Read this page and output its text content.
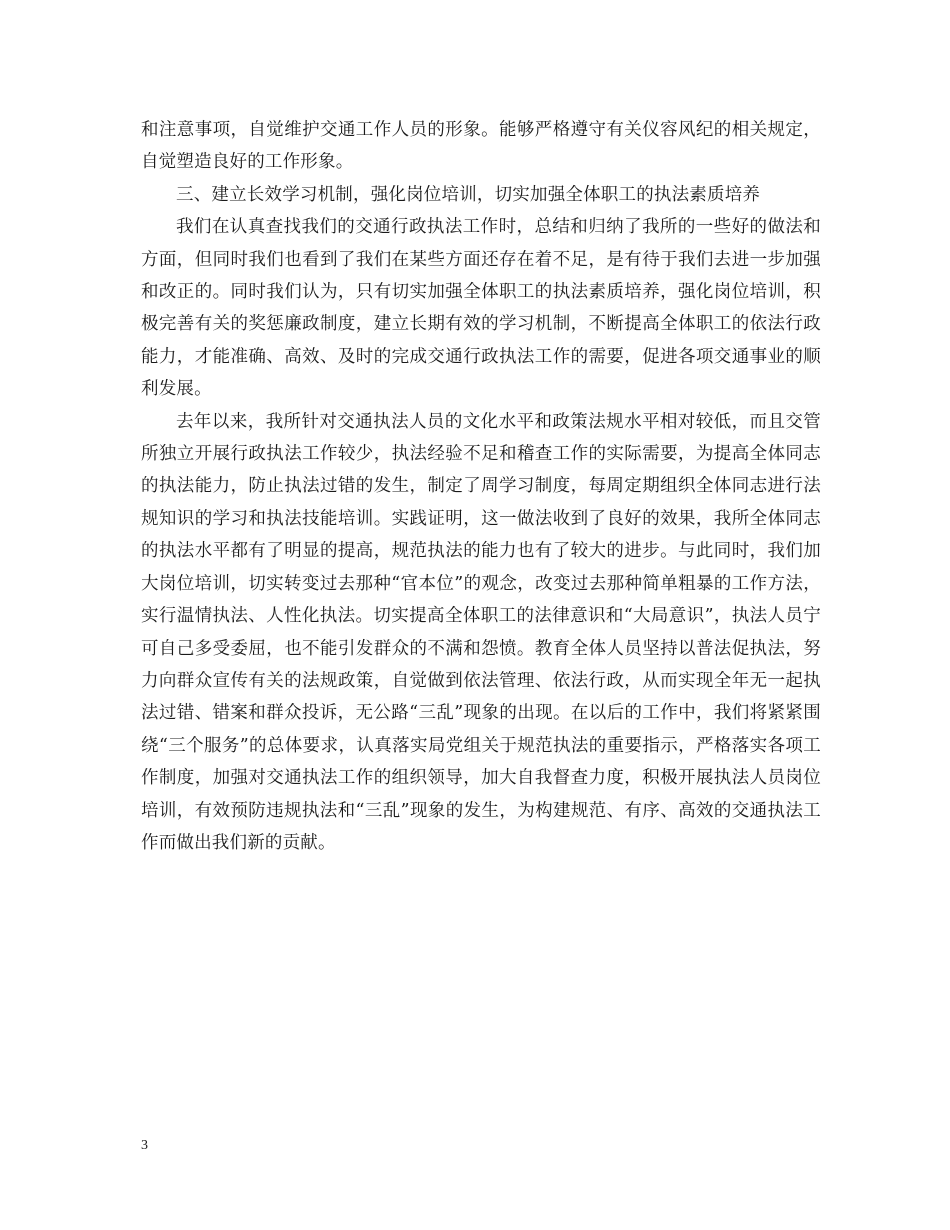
和注意事项，自觉维护交通工作人员的形象。能够严格遵守有关仪容风纪的相关规定，自觉塑造良好的工作形象。

三、建立长效学习机制，强化岗位培训，切实加强全体职工的执法素质培养

我们在认真查找我们的交通行政执法工作时，总结和归纳了我所的一些好的做法和方面，但同时我们也看到了我们在某些方面还存在着不足，是有待于我们去进一步加强和改正的。同时我们认为，只有切实加强全体职工的执法素质培养，强化岗位培训，积极完善有关的奖惩廉政制度，建立长期有效的学习机制，不断提高全体职工的依法行政能力，才能准确、高效、及时的完成交通行政执法工作的需要，促进各项交通事业的顺利发展。

去年以来，我所针对交通执法人员的文化水平和政策法规水平相对较低，而且交管所独立开展行政执法工作较少，执法经验不足和稽查工作的实际需要，为提高全体同志的执法能力，防止执法过错的发生，制定了周学习制度，每周定期组织全体同志进行法规知识的学习和执法技能培训。实践证明，这一做法收到了良好的效果，我所全体同志的执法水平都有了明显的提高，规范执法的能力也有了较大的进步。与此同时，我们加大岗位培训，切实转变过去那种“官本位”的观念，改变过去那种简单粗暴的工作方法，实行温情执法、人性化执法。切实提高全体职工的法律意识和“大局意识”，执法人员宁可自己多受委屈，也不能引发群众的不满和怨愤。教育全体人员坚持以普法促执法，努力向群众宣传有关的法规政策，自觉做到依法管理、依法行政，从而实现全年无一起执法过错、错案和群众投诉，无公路“三乱”现象的出现。在以后的工作中，我们将紧紧围绕“三个服务”的总体要求，认真落实局党组关于规范执法的重要指示，严格落实各项工作制度，加强对交通执法工作的组织领导，加大自我督查力度，积极开展执法人员岗位培训，有效预防违规执法和“三乱”现象的发生，为构建规范、有序、高效的交通执法工作而做出我们新的贡献。

3
